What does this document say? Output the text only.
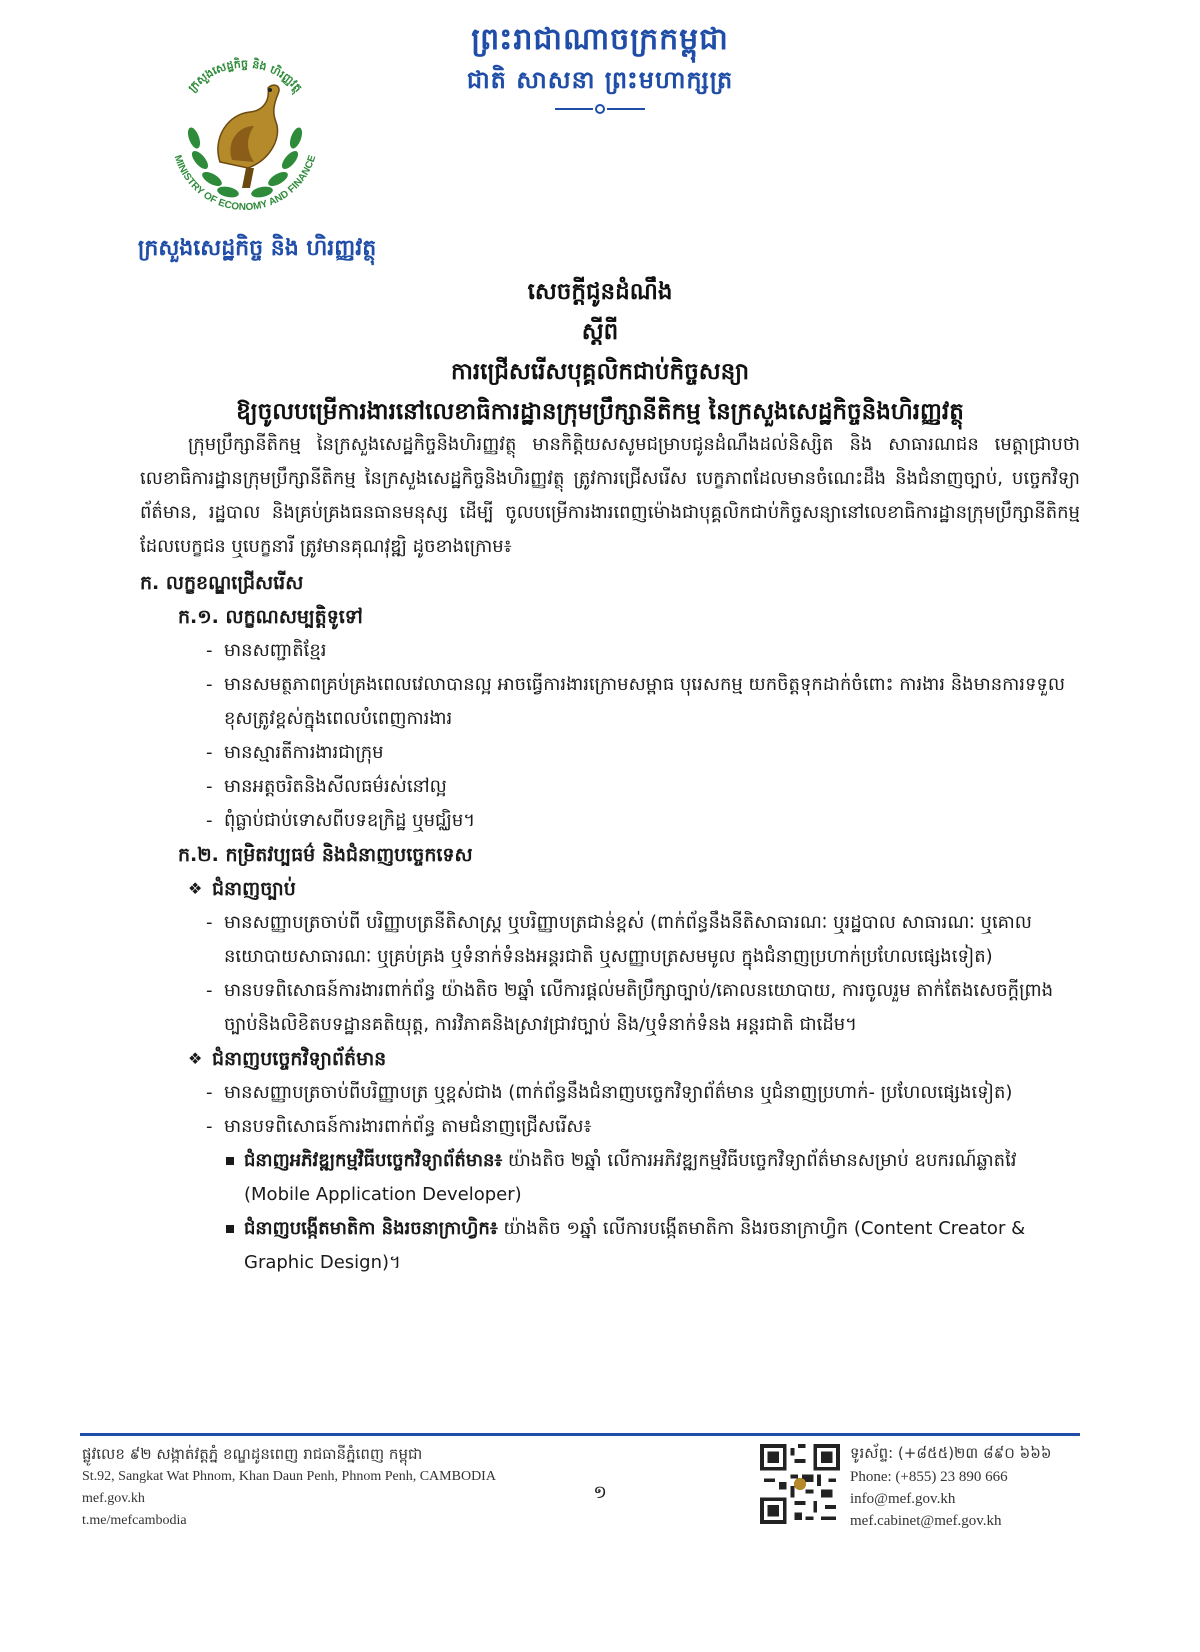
ព្រះរាជាណាចក្រកម្ពុជា
ជាតិ សាសនា ព្រះមហាក្សត្រ
MINISTRY OF ECONOMY AND FINANCE
ក្រសួងសេដ្ឋកិច្ច និង ហិរញ្ញវត្ថុ
ក្រសួងសេដ្ឋកិច្ច និង ហិរញ្ញវត្ថុ
សេចក្តីជូនដំណឹង
ស្តីពី
ការជ្រើសរើសបុគ្គលិកជាប់កិច្ចសន្យា
ឱ្យចូលបម្រើការងារនៅលេខាធិការដ្ឋានក្រុមប្រឹក្សានីតិកម្ម នៃក្រសួងសេដ្ឋកិច្ចនិងហិរញ្ញវត្ថុ

ក្រុមប្រឹក្សានីតិកម្ម នៃក្រសួងសេដ្ឋកិច្ចនិងហិរញ្ញវត្ថុ មានកិត្តិយសសូមជម្រាបជូនដំណឹងដល់និស្សិត និង សាធារណជន មេត្តាជ្រាបថា លេខាធិការដ្ឋានក្រុមប្រឹក្សានីតិកម្ម នៃក្រសួងសេដ្ឋកិច្ចនិងហិរញ្ញវត្ថុ ត្រូវការជ្រើសរើស បេក្ខភាពដែលមានចំណេះដឹង និងជំនាញច្បាប់, បច្ចេកវិទ្យាព័ត៌មាន, រដ្ឋបាល និងគ្រប់គ្រងធនធានមនុស្ស ដើម្បី ចូលបម្រើការងារពេញម៉ោងជាបុគ្គលិកជាប់កិច្ចសន្យានៅលេខាធិការដ្ឋានក្រុមប្រឹក្សានីតិកម្ម ដែលបេក្ខជន ឬបេក្ខនារី ត្រូវមានគុណវុឌ្ឍិ ដូចខាងក្រោម៖

ក. លក្ខខណ្ឌជ្រើសរើស
ក.១. លក្ខណសម្បត្តិទូទៅ
- មានសញ្ជាតិខ្មែរ
- មានសមត្ថភាពគ្រប់គ្រងពេលវេលាបានល្អ អាចធ្វើការងារក្រោមសម្ពាធ បុរេសកម្ម យកចិត្តទុកដាក់ចំពោះ ការងារ និងមានការទទួលខុសត្រូវខ្ពស់ក្នុងពេលបំពេញការងារ
- មានស្មារតីការងារជាក្រុម
- មានអត្តចរិតនិងសីលធម៌រស់នៅល្អ
- ពុំធ្លាប់ជាប់ទោសពីបទឧក្រិដ្ឋ ឬមជ្ឈិម។
ក.២. កម្រិតវប្បធម៌ និងជំនាញបច្ចេកទេស
❖ ជំនាញច្បាប់
- មានសញ្ញាបត្រចាប់ពី បរិញ្ញាបត្រនីតិសាស្ត្រ ឬបរិញ្ញាបត្រជាន់ខ្ពស់ (ពាក់ព័ន្ធនឹងនីតិសាធារណៈ ឬរដ្ឋបាល សាធារណៈ ឬគោលនយោបាយសាធារណៈ ឬគ្រប់គ្រង ឬទំនាក់ទំនងអន្តរជាតិ ឬសញ្ញាបត្រសមមូល ក្នុងជំនាញប្រហាក់ប្រហែលផ្សេងទៀត)
- មានបទពិសោធន៍ការងារពាក់ព័ន្ធ យ៉ាងតិច ២ឆ្នាំ លើការផ្តល់មតិប្រឹក្សាច្បាប់/គោលនយោបាយ, ការចូលរួម តាក់តែងសេចក្តីព្រាងច្បាប់និងលិខិតបទដ្ឋានគតិយុត្ត, ការវិភាគនិងស្រាវជ្រាវច្បាប់ និង/ឬទំនាក់ទំនង អន្តរជាតិ ជាដើម។
❖ ជំនាញបច្ចេកវិទ្យាព័ត៌មាន
- មានសញ្ញាបត្រចាប់ពីបរិញ្ញាបត្រ ឬខ្ពស់ជាង (ពាក់ព័ន្ធនឹងជំនាញបច្ចេកវិទ្យាព័ត៌មាន ឬជំនាញប្រហាក់- ប្រហែលផ្សេងទៀត)
- មានបទពិសោធន៍ការងារពាក់ព័ន្ធ តាមជំនាញជ្រើសរើស៖
ជំនាញអភិវឌ្ឍកម្មវិធីបច្ចេកវិទ្យាព័ត៌មាន៖ យ៉ាងតិច ២ឆ្នាំ លើការអភិវឌ្ឍកម្មវិធីបច្ចេកវិទ្យាព័ត៌មានសម្រាប់ ឧបករណ៍ឆ្លាតវៃ (Mobile Application Developer)
ជំនាញបង្កើតមាតិកា និងរចនាក្រាហ្វិក៖ យ៉ាងតិច ១ឆ្នាំ លើការបង្កើតមាតិកា និងរចនាក្រាហ្វិក (Content Creator & Graphic Design)។
ផ្លូវលេខ ៩២ សង្កាត់វត្តភ្នំ ខណ្ឌដូនពេញ រាជធានីភ្នំពេញ កម្ពុជា
St.92, Sangkat Wat Phnom, Khan Daun Penh, Phnom Penh, CAMBODIA
mef.gov.kh
t.me/mefcambodia
១
ទូរស័ព្ទ: (+៨៥៥)២៣ ៨៩០ ៦៦៦
Phone: (+855) 23 890 666
info@mef.gov.kh
mef.cabinet@mef.gov.kh
